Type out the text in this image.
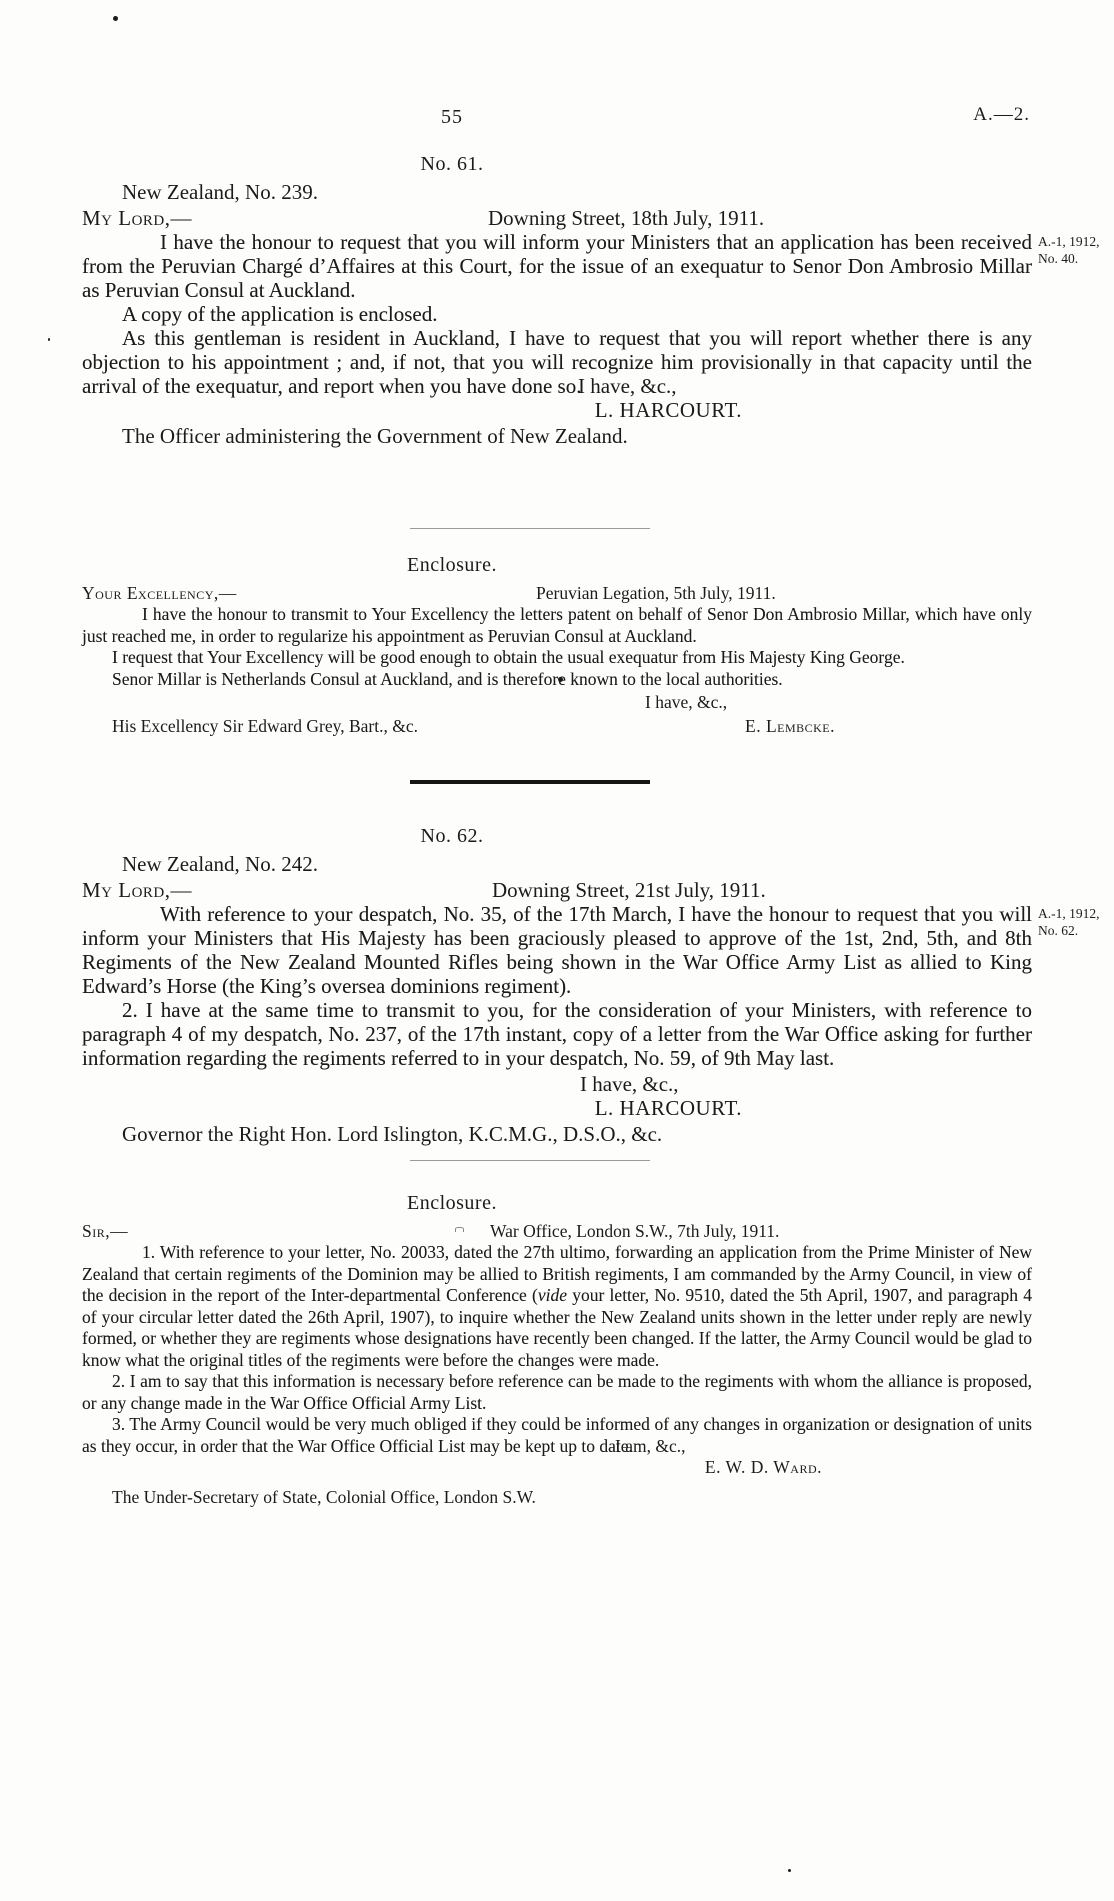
55	A.—2.
No. 61.

New Zealand, No. 239.

My Lord,—	Downing Street, 18th July, 1911.

I have the honour to request that you will inform your Ministers that an application has been received from the Peruvian Chargé d’Affaires at this Court, for the issue of an exequatur to Senor Don Ambrosio Millar as Peruvian Consul at Auckland.

A.-1, 1912,
No. 40.

A copy of the application is enclosed.

As this gentleman is resident in Auckland, I have to request that you will report whether there is any objection to his appointment ; and, if not, that you will recognize him provisionally in that capacity until the arrival of the exequatur, and report when you have done so.

I have, &c.,

L. HARCOURT.

The Officer administering the Government of New Zealand.

Enclosure.
Your Excellency,—	Peruvian Legation, 5th July, 1911.

I have the honour to transmit to Your Excellency the letters patent on behalf of Senor Don Ambrosio Millar, which have only just reached me, in order to regularize his appointment as Peruvian Consul at Auckland.

I request that Your Excellency will be good enough to obtain the usual exequatur from His Majesty King George.

Senor Millar is Netherlands Consul at Auckland, and is therefore known to the local authorities.

I have, &c.,

His Excellency Sir Edward Grey, Bart., &c.	E. Lembcke.
No. 62.

New Zealand, No. 242.

My Lord,—	Downing Street, 21st July, 1911.

With reference to your despatch, No. 35, of the 17th March, I have the honour to request that you will inform your Ministers that His Majesty has been graciously pleased to approve of the 1st, 2nd, 5th, and 8th Regiments of the New Zealand Mounted Rifles being shown in the War Office Army List as allied to King Edward’s Horse (the King’s oversea dominions regiment).

A.-1, 1912,
No. 62.

2. I have at the same time to transmit to you, for the consideration of your Ministers, with reference to paragraph 4 of my despatch, No. 237, of the 17th instant, copy of a letter from the War Office asking for further information regarding the regiments referred to in your despatch, No. 59, of 9th May last.

I have, &c.,

L. HARCOURT.

Governor the Right Hon. Lord Islington, K.C.M.G., D.S.O., &c.

Enclosure.
Sir,—	War Office, London S.W., 7th July, 1911.

1. With reference to your letter, No. 20033, dated the 27th ultimo, forwarding an application from the Prime Minister of New Zealand that certain regiments of the Dominion may be allied to British regiments, I am commanded by the Army Council, in view of the decision in the report of the Inter-departmental Conference (vide your letter, No. 9510, dated the 5th April, 1907, and paragraph 4 of your circular letter dated the 26th April, 1907), to inquire whether the New Zealand units shown in the letter under reply are newly formed, or whether they are regiments whose designations have recently been changed. If the latter, the Army Council would be glad to know what the original titles of the regiments were before the changes were made.

2. I am to say that this information is necessary before reference can be made to the regiments with whom the alliance is proposed, or any change made in the War Office Official Army List.

3. The Army Council would be very much obliged if they could be informed of any changes in organization or designation of units as they occur, in order that the War Office Official List may be kept up to date.

I am, &c.,

E. W. D. Ward.

The Under-Secretary of State, Colonial Office, London S.W.
